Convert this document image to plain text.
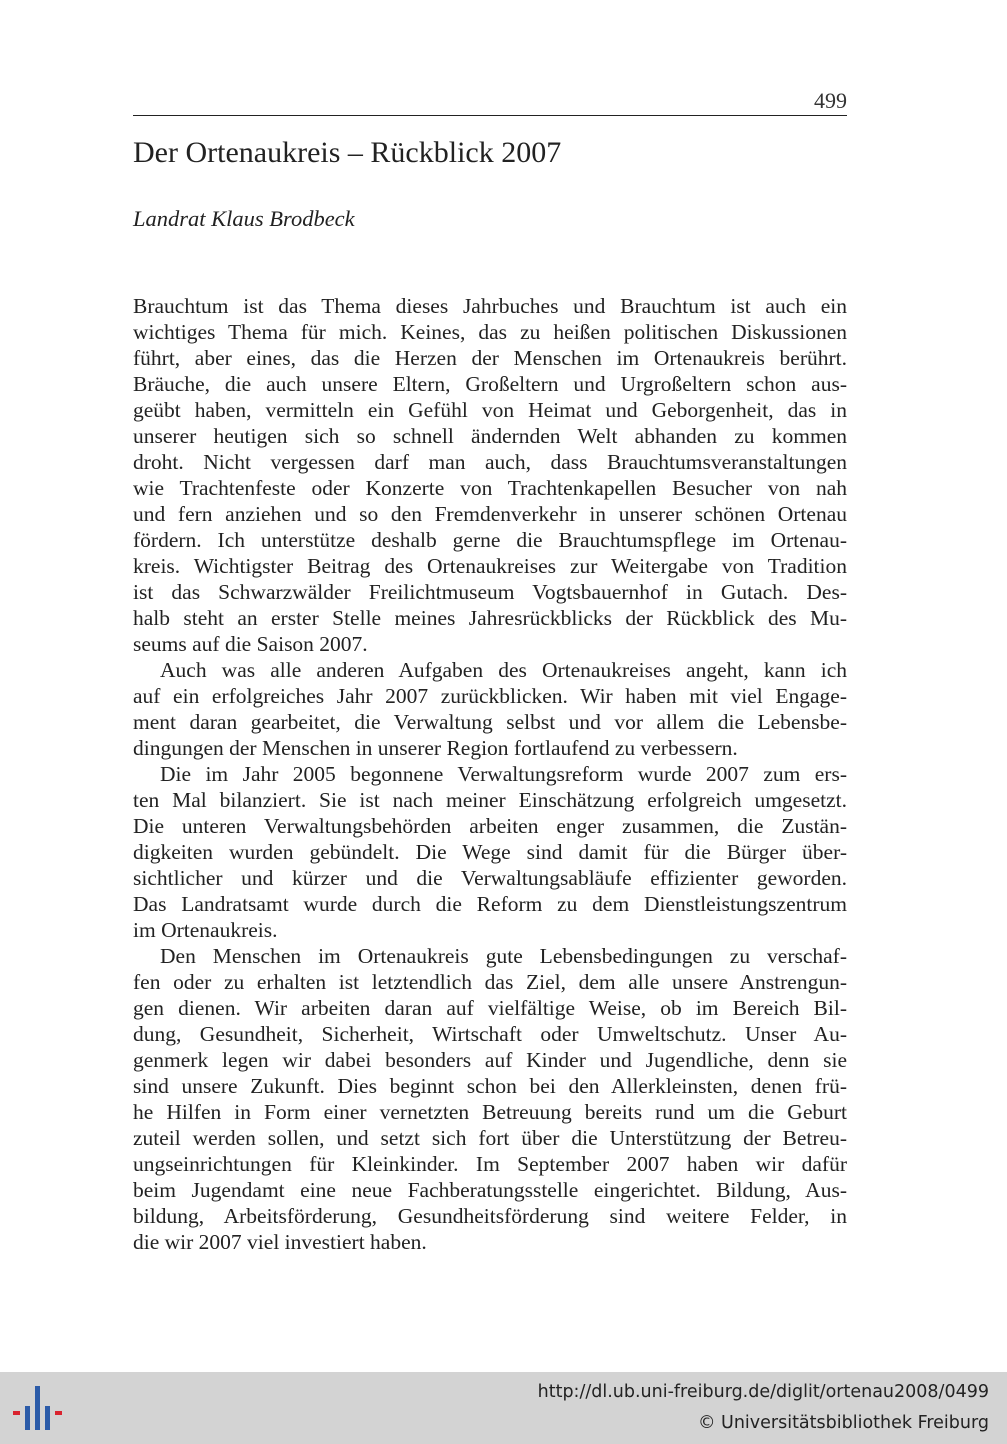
499
Der Ortenaukreis – Rückblick 2007
Landrat Klaus Brodbeck

Brauchtum ist das Thema dieses Jahrbuches und Brauchtum ist auch ein
wichtiges Thema für mich. Keines, das zu heißen politischen Diskussionen
führt, aber eines, das die Herzen der Menschen im Ortenaukreis berührt.
Bräuche, die auch unsere Eltern, Großeltern und Urgroßeltern schon aus-
geübt haben, vermitteln ein Gefühl von Heimat und Geborgenheit, das in
unserer heutigen sich so schnell ändernden Welt abhanden zu kommen
droht. Nicht vergessen darf man auch, dass Brauchtumsveranstaltungen
wie Trachtenfeste oder Konzerte von Trachtenkapellen Besucher von nah
und fern anziehen und so den Fremdenverkehr in unserer schönen Ortenau
fördern. Ich unterstütze deshalb gerne die Brauchtumspflege im Ortenau-
kreis. Wichtigster Beitrag des Ortenaukreises zur Weitergabe von Tradition
ist das Schwarzwälder Freilichtmuseum Vogtsbauernhof in Gutach. Des-
halb steht an erster Stelle meines Jahresrückblicks der Rückblick des Mu-
seums auf die Saison 2007.

Auch was alle anderen Aufgaben des Ortenaukreises angeht, kann ich
auf ein erfolgreiches Jahr 2007 zurückblicken. Wir haben mit viel Engage-
ment daran gearbeitet, die Verwaltung selbst und vor allem die Lebensbe-
dingungen der Menschen in unserer Region fortlaufend zu verbessern.

Die im Jahr 2005 begonnene Verwaltungsreform wurde 2007 zum ers-
ten Mal bilanziert. Sie ist nach meiner Einschätzung erfolgreich umgesetzt.
Die unteren Verwaltungsbehörden arbeiten enger zusammen, die Zustän-
digkeiten wurden gebündelt. Die Wege sind damit für die Bürger über-
sichtlicher und kürzer und die Verwaltungsabläufe effizienter geworden.
Das Landratsamt wurde durch die Reform zu dem Dienstleistungszentrum
im Ortenaukreis.

Den Menschen im Ortenaukreis gute Lebensbedingungen zu verschaf-
fen oder zu erhalten ist letztendlich das Ziel, dem alle unsere Anstrengun-
gen dienen. Wir arbeiten daran auf vielfältige Weise, ob im Bereich Bil-
dung, Gesundheit, Sicherheit, Wirtschaft oder Umweltschutz. Unser Au-
genmerk legen wir dabei besonders auf Kinder und Jugendliche, denn sie
sind unsere Zukunft. Dies beginnt schon bei den Allerkleinsten, denen frü-
he Hilfen in Form einer vernetzten Betreuung bereits rund um die Geburt
zuteil werden sollen, und setzt sich fort über die Unterstützung der Betreu-
ungseinrichtungen für Kleinkinder. Im September 2007 haben wir dafür
beim Jugendamt eine neue Fachberatungsstelle eingerichtet. Bildung, Aus-
bildung, Arbeitsförderung, Gesundheitsförderung sind weitere Felder, in
die wir 2007 viel investiert haben.

http://dl.ub.uni-freiburg.de/diglit/ortenau2008/0499
© Universitätsbibliothek Freiburg
